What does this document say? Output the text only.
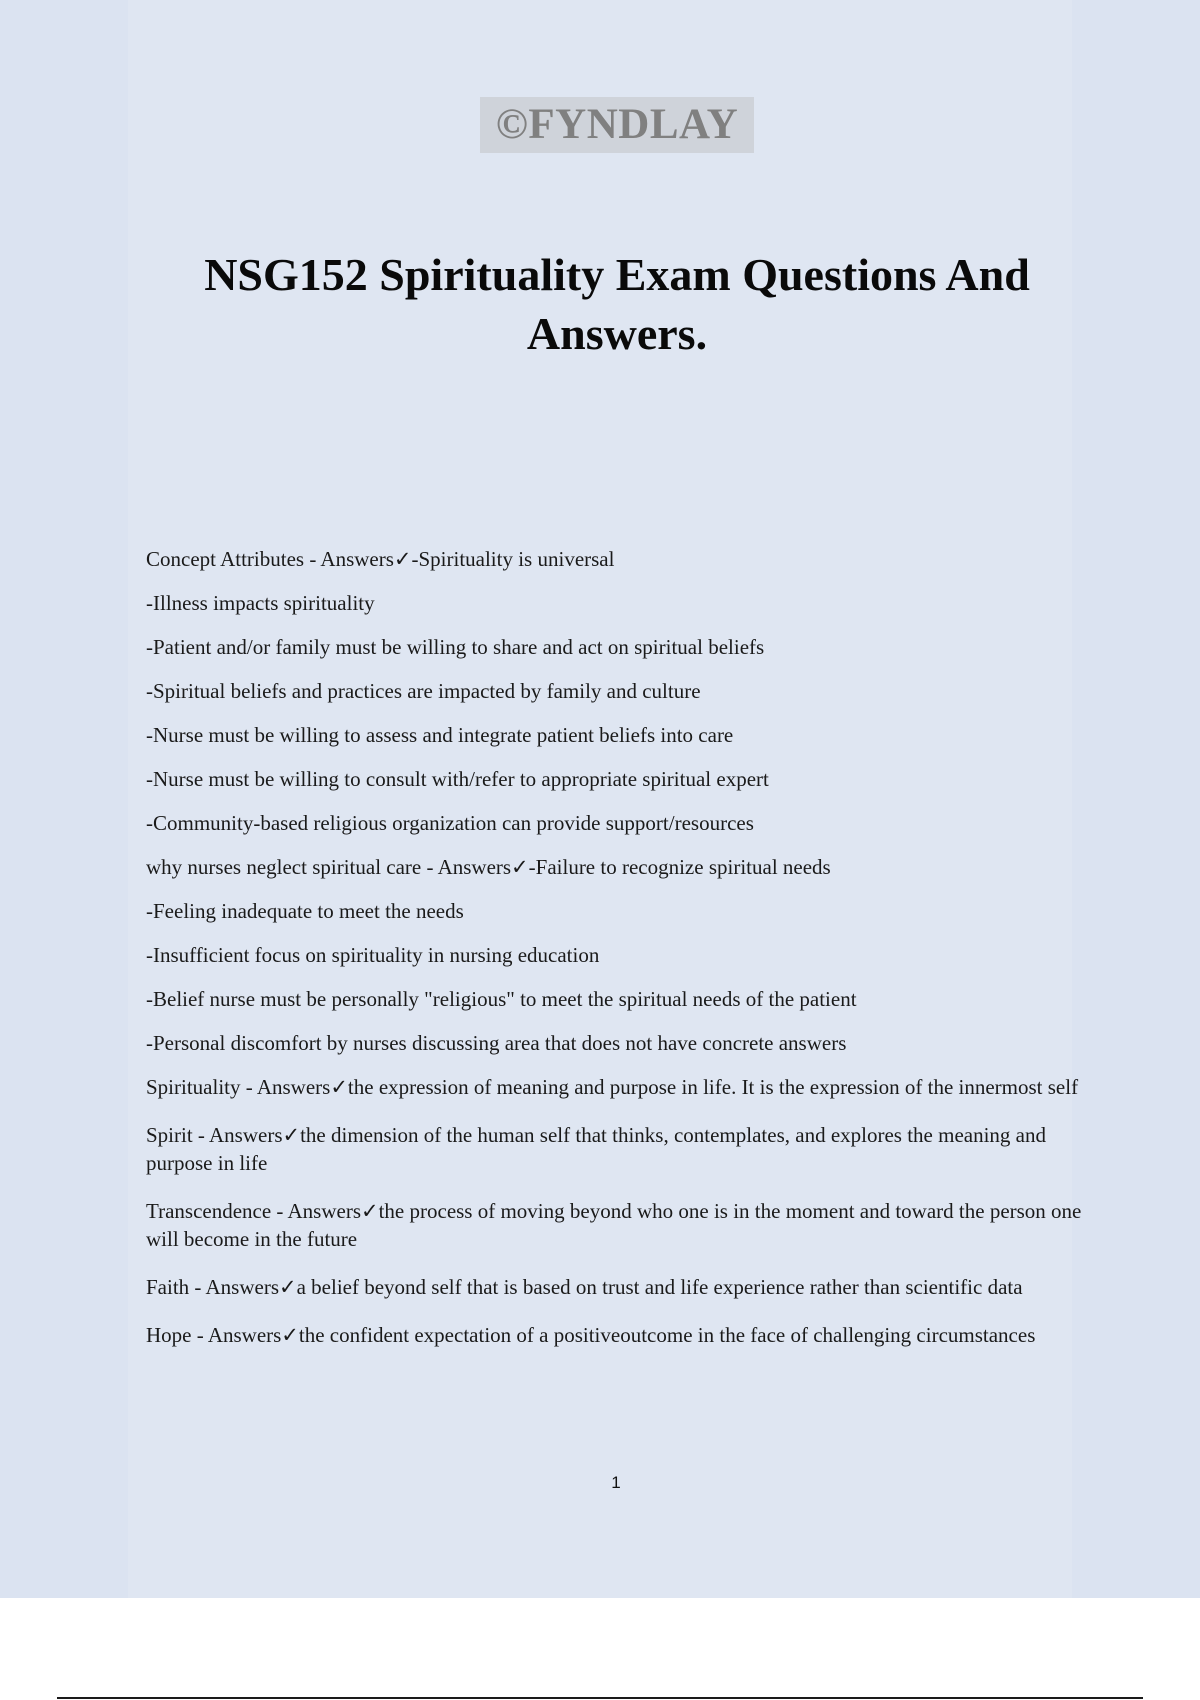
©FYNDLAY
NSG152 Spirituality Exam Questions And Answers.

Concept Attributes - Answers✓-Spirituality is universal

-Illness impacts spirituality

-Patient and/or family must be willing to share and act on spiritual beliefs

-Spiritual beliefs and practices are impacted by family and culture

-Nurse must be willing to assess and integrate patient beliefs into care

-Nurse must be willing to consult with/refer to appropriate spiritual expert

-Community-based religious organization can provide support/resources

why nurses neglect spiritual care - Answers✓-Failure to recognize spiritual needs

-Feeling inadequate to meet the needs

-Insufficient focus on spirituality in nursing education

-Belief nurse must be personally "religious" to meet the spiritual needs of the patient

-Personal discomfort by nurses discussing area that does not have concrete answers

Spirituality - Answers✓the expression of meaning and purpose in life. It is the expression of the innermost self

Spirit - Answers✓the dimension of the human self that thinks, contemplates, and explores the meaning and purpose in life

Transcendence - Answers✓the process of moving beyond who one is in the moment and toward the person one will become in the future

Faith - Answers✓a belief beyond self that is based on trust and life experience rather than scientific data

Hope - Answers✓the confident expectation of a positiveoutcome in the face of challenging circumstances

1
